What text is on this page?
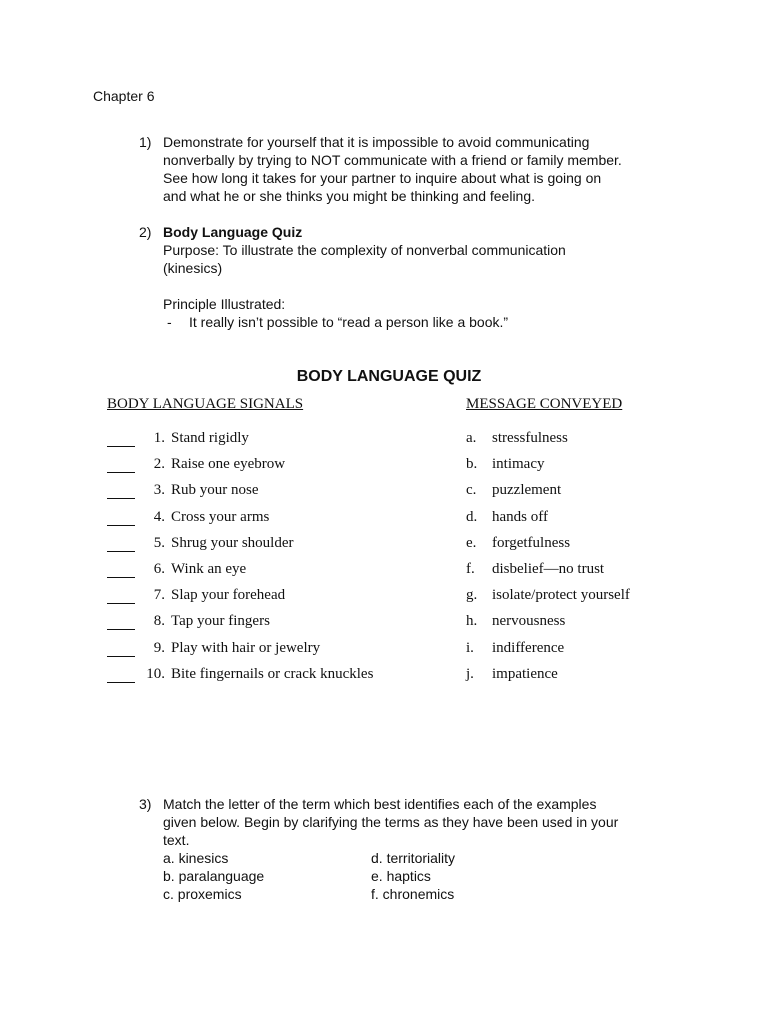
Chapter 6
1) Demonstrate for yourself that it is impossible to avoid communicating

nonverbally by trying to NOT communicate with a friend or family member.

See how long it takes for your partner to inquire about what is going on

and what he or she thinks you might be thinking and feeling.

2) Body Language Quiz

Purpose: To illustrate the complexity of nonverbal communication

(kinesics)

Principle Illustrated:

- It really isn’t possible to “read a person like a book.”

BODY LANGUAGE QUIZ
BODY LANGUAGE SIGNALS	MESSAGE CONVEYED
1. Stand rigidly	a. stressfulness
2. Raise one eyebrow	b. intimacy
3. Rub your nose	c. puzzlement
4. Cross your arms	d. hands off
5. Shrug your shoulder	e. forgetfulness
6. Wink an eye	f. disbelief—no trust
7. Slap your forehead	g. isolate/protect yourself
8. Tap your fingers	h. nervousness
9. Play with hair or jewelry	i. indifference
10. Bite fingernails or crack knuckles	j. impatience
3) Match the letter of the term which best identifies each of the examples

given below. Begin by clarifying the terms as they have been used in your

text.

a. kinesics	d. territoriality

b. paralanguage	e. haptics

c. proxemics	f. chronemics
